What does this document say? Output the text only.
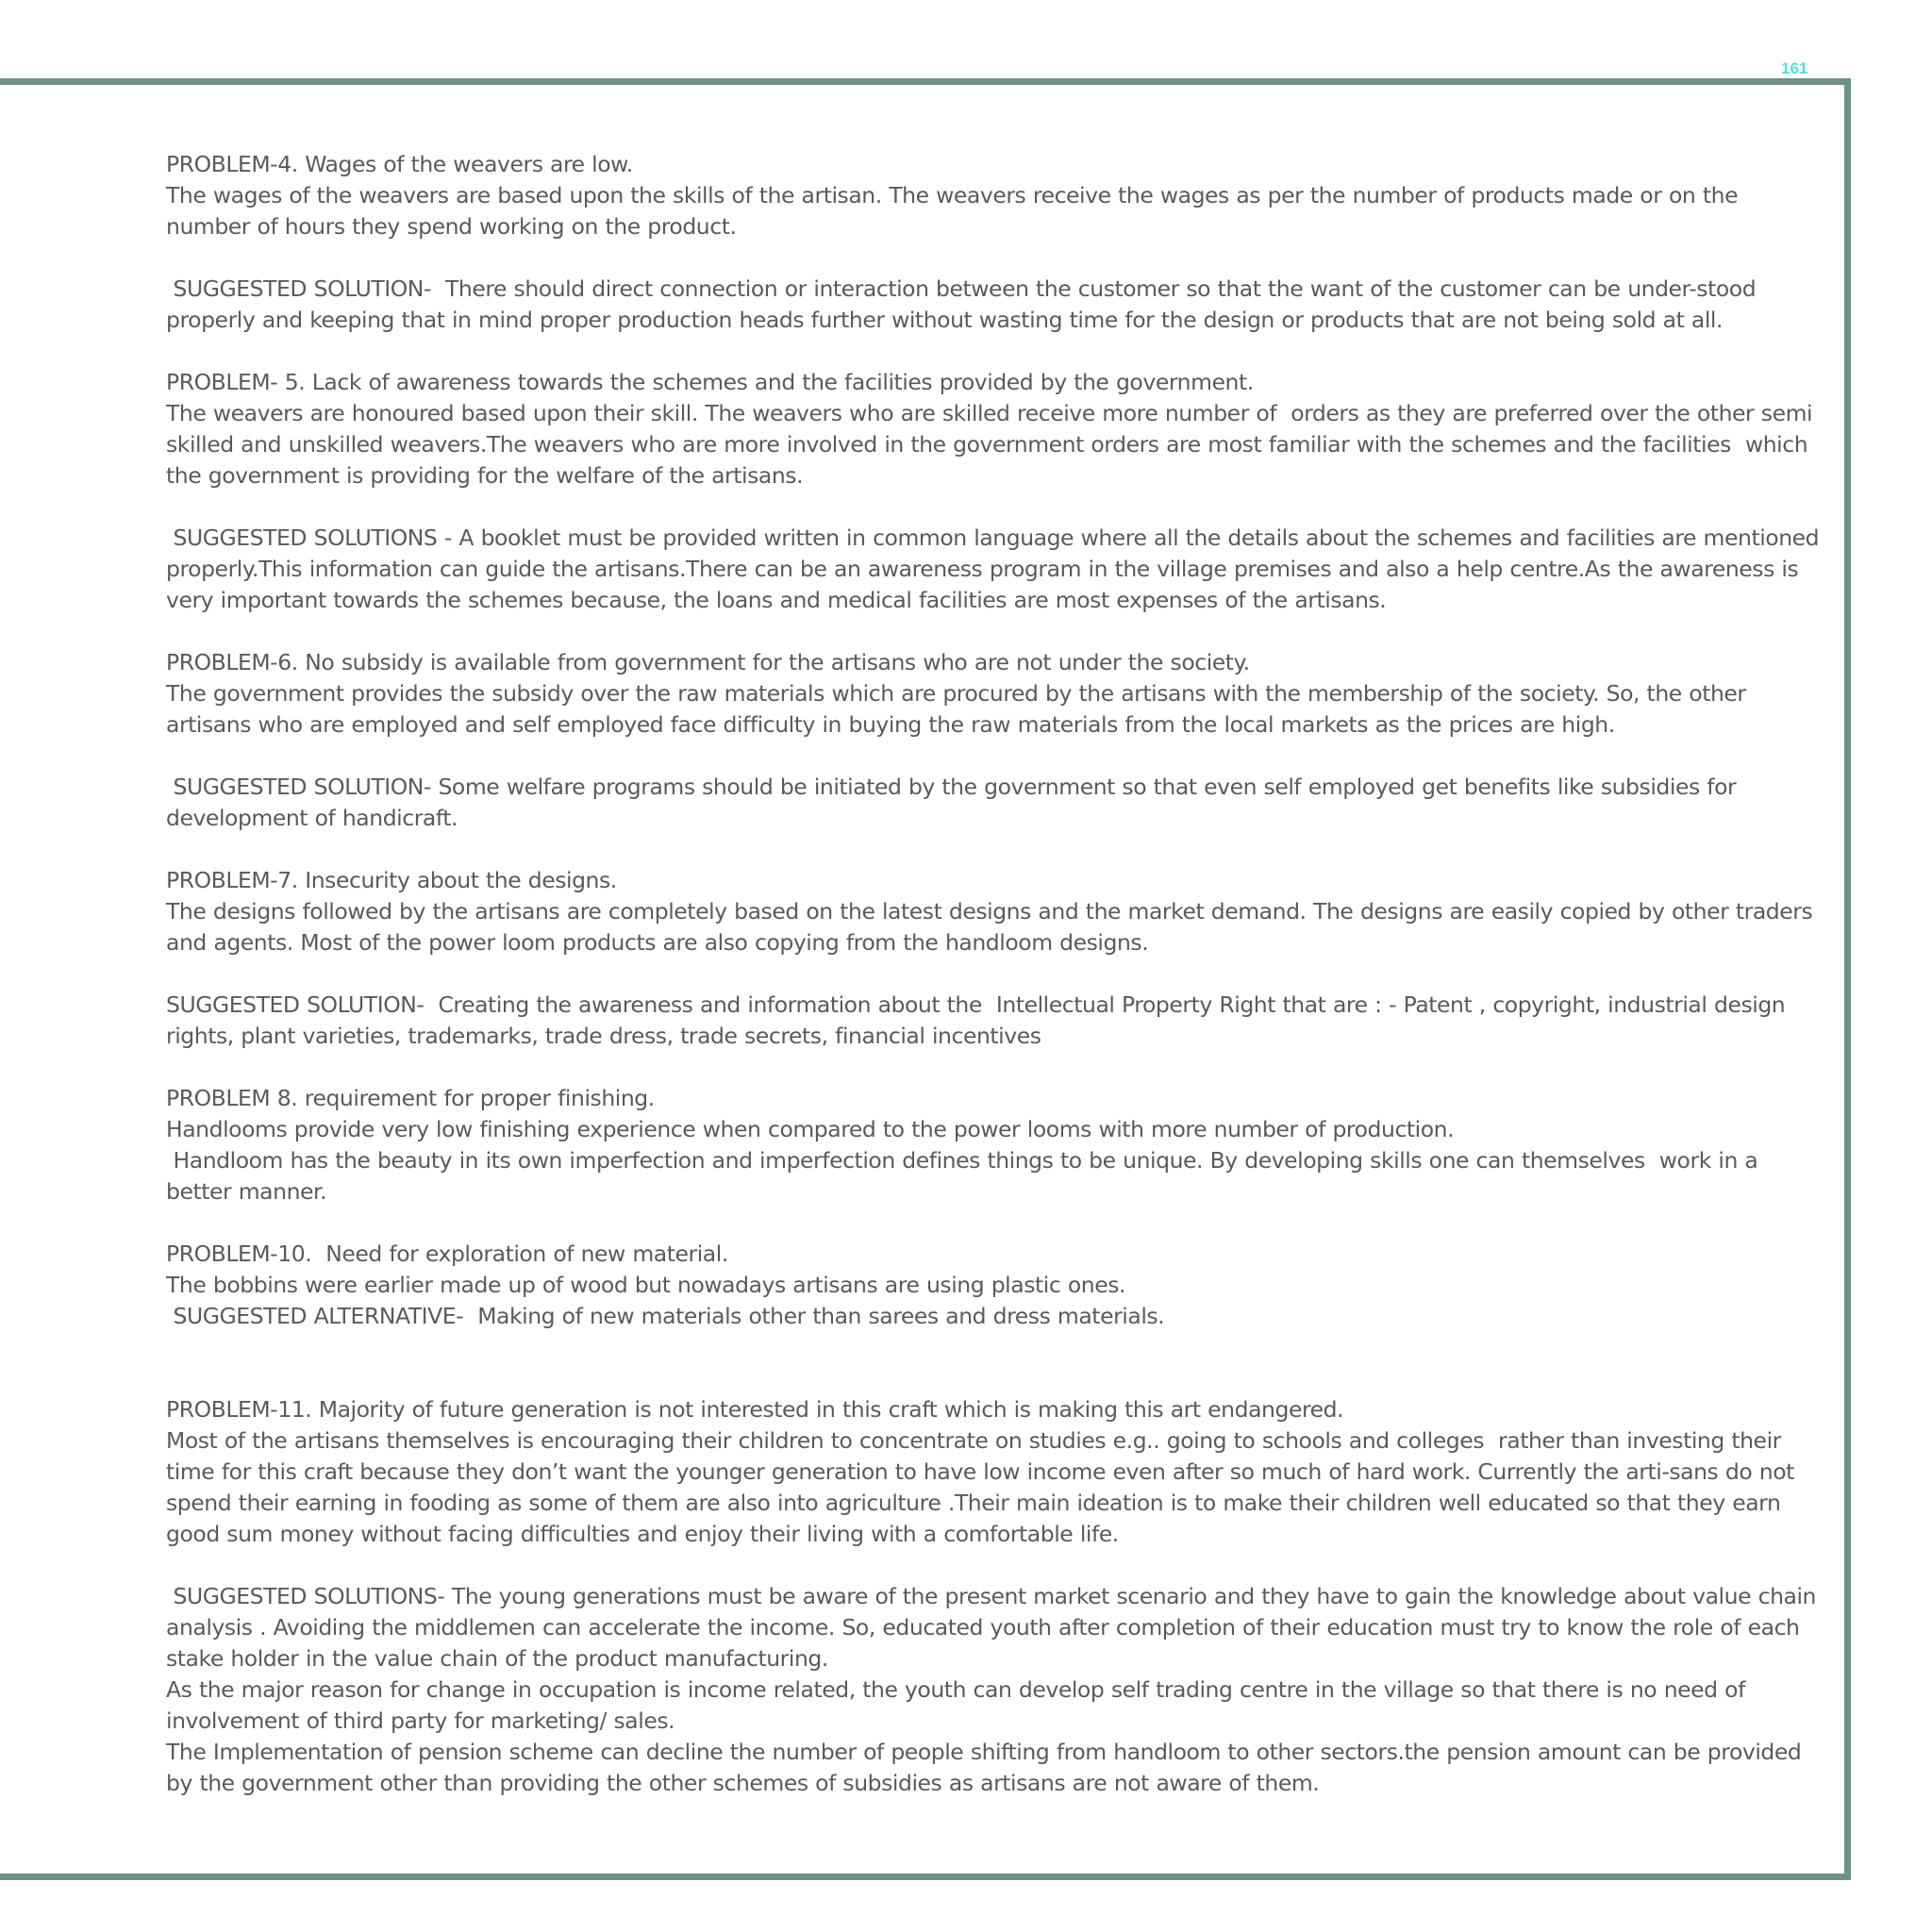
161

PROBLEM-4. Wages of the weavers are low.

The wages of the weavers are based upon the skills of the artisan. The weavers receive the wages as per the number of products made or on the number of hours they spend working on the product.

SUGGESTED SOLUTION-  There should direct connection or interaction between the customer so that the want of the customer can be under-stood properly and keeping that in mind proper production heads further without wasting time for the design or products that are not being sold at all.

PROBLEM- 5. Lack of awareness towards the schemes and the facilities provided by the government.

The weavers are honoured based upon their skill. The weavers who are skilled receive more number of  orders as they are preferred over the other semi skilled and unskilled weavers.The weavers who are more involved in the government orders are most familiar with the schemes and the facilities  which the government is providing for the welfare of the artisans.

SUGGESTED SOLUTIONS - A booklet must be provided written in common language where all the details about the schemes and facilities are mentioned properly.This information can guide the artisans.There can be an awareness program in the village premises and also a help centre.As the awareness is very important towards the schemes because, the loans and medical facilities are most expenses of the artisans.

PROBLEM-6. No subsidy is available from government for the artisans who are not under the society.

The government provides the subsidy over the raw materials which are procured by the artisans with the membership of the society. So, the other artisans who are employed and self employed face difficulty in buying the raw materials from the local markets as the prices are high.

SUGGESTED SOLUTION- Some welfare programs should be initiated by the government so that even self employed get benefits like subsidies for development of handicraft.

PROBLEM-7. Insecurity about the designs.

The designs followed by the artisans are completely based on the latest designs and the market demand. The designs are easily copied by other traders and agents. Most of the power loom products are also copying from the handloom designs.

SUGGESTED SOLUTION-  Creating the awareness and information about the  Intellectual Property Right that are : - Patent , copyright, industrial design rights, plant varieties, trademarks, trade dress, trade secrets, financial incentives

PROBLEM 8. requirement for proper finishing.

Handlooms provide very low finishing experience when compared to the power looms with more number of production.

Handloom has the beauty in its own imperfection and imperfection defines things to be unique. By developing skills one can themselves  work in a better manner.

PROBLEM-10.  Need for exploration of new material.

The bobbins were earlier made up of wood but nowadays artisans are using plastic ones.

SUGGESTED ALTERNATIVE-  Making of new materials other than sarees and dress materials.

PROBLEM-11. Majority of future generation is not interested in this craft which is making this art endangered.

Most of the artisans themselves is encouraging their children to concentrate on studies e.g.. going to schools and colleges  rather than investing their time for this craft because they don’t want the younger generation to have low income even after so much of hard work. Currently the arti-sans do not spend their earning in fooding as some of them are also into agriculture .Their main ideation is to make their children well educated so that they earn good sum money without facing difficulties and enjoy their living with a comfortable life.

SUGGESTED SOLUTIONS- The young generations must be aware of the present market scenario and they have to gain the knowledge about value chain analysis . Avoiding the middlemen can accelerate the income. So, educated youth after completion of their education must try to know the role of each stake holder in the value chain of the product manufacturing.

As the major reason for change in occupation is income related, the youth can develop self trading centre in the village so that there is no need of involvement of third party for marketing/ sales.

The Implementation of pension scheme can decline the number of people shifting from handloom to other sectors.the pension amount can be provided by the government other than providing the other schemes of subsidies as artisans are not aware of them.
